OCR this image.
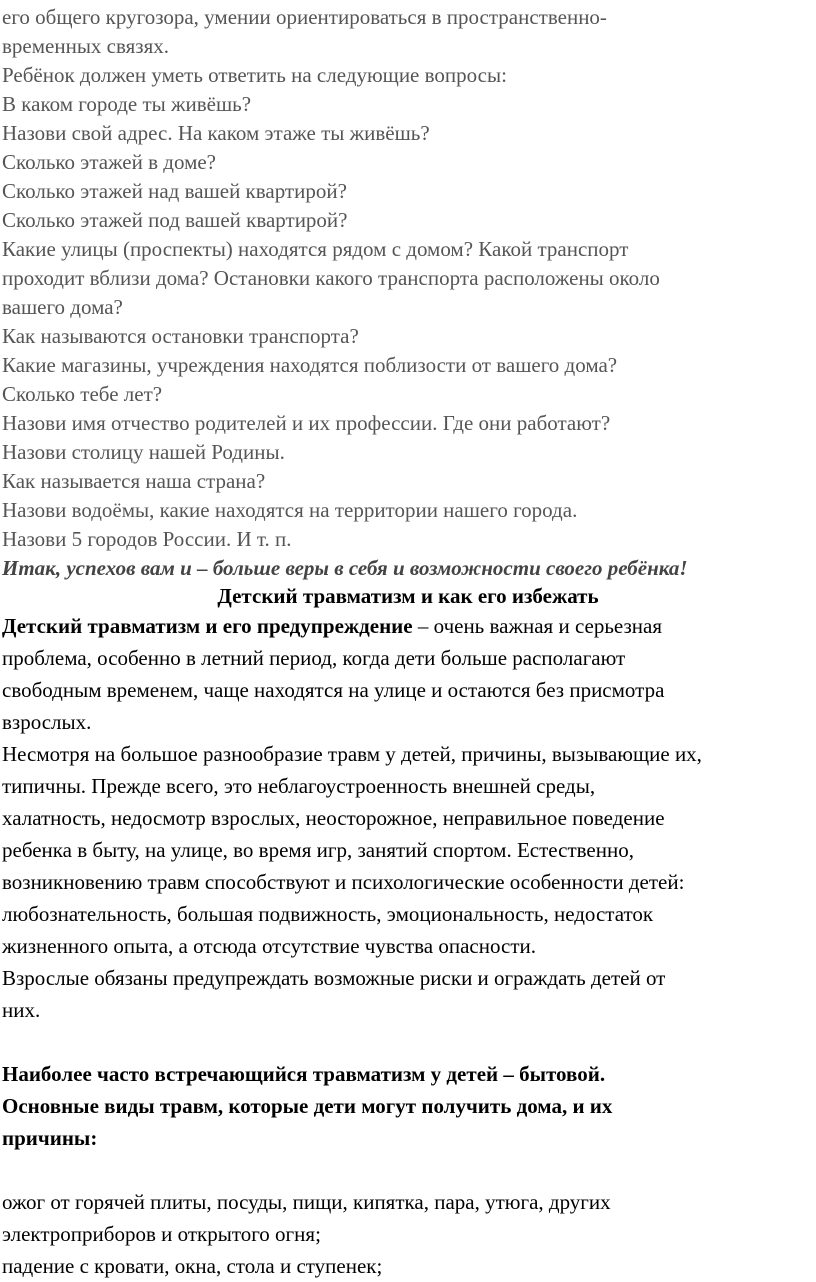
его общего кругозора, умении ориентироваться в пространственно-
временных связях.
Ребёнок должен уметь ответить на следующие вопросы:
В каком городе ты живёшь?
Назови свой адрес. На каком этаже ты живёшь?
Сколько этажей в доме?
Сколько этажей над вашей квартирой?
Сколько этажей под вашей квартирой?
Какие улицы (проспекты) находятся рядом с домом? Какой транспорт
проходит вблизи дома? Остановки какого транспорта расположены около
вашего дома?
Как называются остановки транспорта?
Какие магазины, учреждения находятся поблизости от вашего дома?
Сколько тебе лет?
Назови имя отчество родителей и их профессии. Где они работают?
Назови столицу нашей Родины.
Как называется наша страна?
Назови водоёмы, какие находятся на территории нашего города.
Назови 5 городов России. И т. п.
Итак, успехов вам и – больше веры в себя и возможности своего ребёнка!
Детский травматизм и как его избежать
Детский травматизм и его предупреждение – очень важная и серьезная
проблема, особенно в летний период, когда дети больше располагают
свободным временем, чаще находятся на улице и остаются без присмотра
взрослых.
Несмотря на большое разнообразие травм у детей, причины, вызывающие их,
типичны. Прежде всего, это неблагоустроенность внешней среды,
халатность, недосмотр взрослых, неосторожное, неправильное поведение
ребенка в быту, на улице, во время игр, занятий спортом. Естественно,
возникновению травм способствуют и психологические особенности детей:
любознательность, большая подвижность, эмоциональность, недостаток
жизненного опыта, а отсюда отсутствие чувства опасности.
Взрослые обязаны предупреждать возможные риски и ограждать детей от
них.
Наиболее часто встречающийся травматизм у детей – бытовой.
Основные виды травм, которые дети могут получить дома, и их
причины:
ожог от горячей плиты, посуды, пищи, кипятка, пара, утюга, других
электроприборов и открытого огня;
падение с кровати, окна, стола и ступенек;
